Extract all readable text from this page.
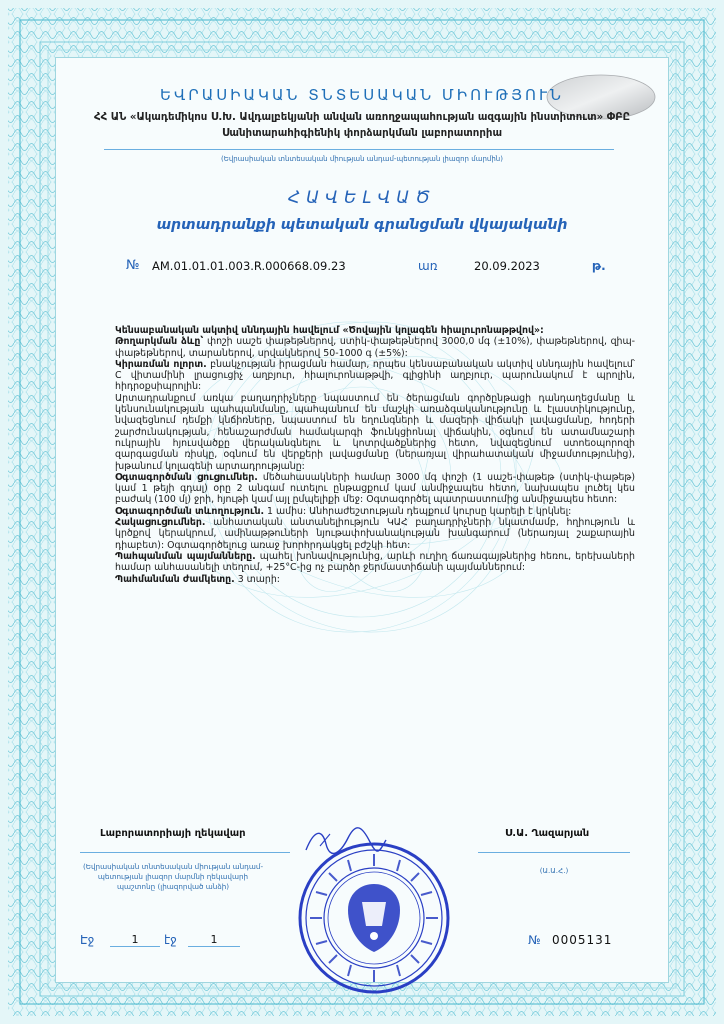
ԵՎՐԱՍԻԱԿԱՆ ՏՆՏԵՍԱԿԱՆ ՄԻՈՒԹՅՈՒՆ
ՀՀ ԱՆ «Ակադեմիկոս Ս.Խ. Ավդալբեկյանի անվան առողջապահության ազգային ինստիտուտ» ՓԲԸ
Սանիտարահիգիենիկ փորձարկման լաբորատորիա
(Եվրասիական տնտեսական միության անդամ-պետության լիազոր մարմին)
ՀԱՎԵԼՎԱԾ
արտադրանքի պետական գրանցման վկայականի
№ AM.01.01.01.003.R.000668.09.23	առ	20.09.2023	թ.

Կենսաբանական ակտիվ սննդային հավելում «Ծովային կոլագեն հիալուրոնաթթվով»:

Թողարկման ձևը՝ փոշի սաշե փաթեթներով, ստիկ-փաթեթներով 3000,0 մգ (±10%), փաթեթներով, զիպ-փաթեթներով, տարաներով, սրվակներով 50-1000 գ (±5%):

Կիրառման ոլորտ. բնակչության իրացման համար, որպես կենսաբանական ակտիվ սննդային հավելում՝ C վիտամինի լրացուցիչ աղբյուր, հիալուրոնաթթվի, գլիցինի աղբյուր, պարունակում է պրոլին, հիդրօքսիպրոլին:

Արտադրանքում առկա բաղադրիչները նպաստում են ծերացման գործընթացի դանդաղեցմանը և կենսունակության պահպանմանը, պահպանում են մաշկի առաձգականությունը և էլաստիկությունը, նվազեցնում դեմքի կնճիռները, նպաստում են եղունգների և մազերի վիճակի լավացմանը, հոդերի շարժունակության, հենաշարժման համակարգի ֆունկցիոնալ վիճակին, օգնում են ատամնաշարի ուկրային հյուսվածքը վերականգնելու և կոտրվածքներից հետո, նվազեցնում ստոեօպորոզի զարգացման ռիսկը, օգնում են վերքերի լավացմանը (ներառյալ վիրահատական միջամտությունից), խթանում կոլագենի արտադրությանը:

Օգտագործման ցուցումներ. մեծահասակների համար 3000 մգ փոշի (1 սաշե-փաթեթ (ստիկ-փաթեթ) կամ 1 թեյի գդալ) օրը 2 անգամ ուտելու ընթացքում կամ անմիջապես հետո, նախապես լուծել կես բաժակ (100 մլ) ջրի, հյութի կամ այլ ըմպելիքի մեջ: Օգտագործել պատրաստումից անմիջապես հետո:

Օգտագործման տևողություն. 1 ամիս: Անհրաժեշտության դեպքում կուրսը կարելի է կրկնել:

Հակացուցումներ. անհատական անտանելիություն ԿԱՀ բաղադրիչների նկատմամբ, հղիություն և կրծքով կերակրում, ամինաթթուների նյութափոխանակության խանգարում (ներառյալ շաքարային դիաբետ): Օգտագործելուց առաջ խորհրդակցել բժշկի հետ:

Պահպանման պայմանները. պահել խոնավությունից, արևի ուղիղ ճառագայթներից հեռու, երեխաների համար անհասանելի տեղում, +25°C-ից ոչ բարձր ջերմաստիճանի պայմաններում:

Պահմանման ժամկետը. 3 տարի:

Լաբորատորիայի ղեկավար	Ս.Ա. Ղազարյան
(Եվրասիական տնտեսական միության անդամ-պետության լիազոր մարմնի ղեկավարի պաշտոնը (լիազորված անձի)
(Ա.Ա.Հ.)
Էջ	1	էջ	1	№ 0005131
